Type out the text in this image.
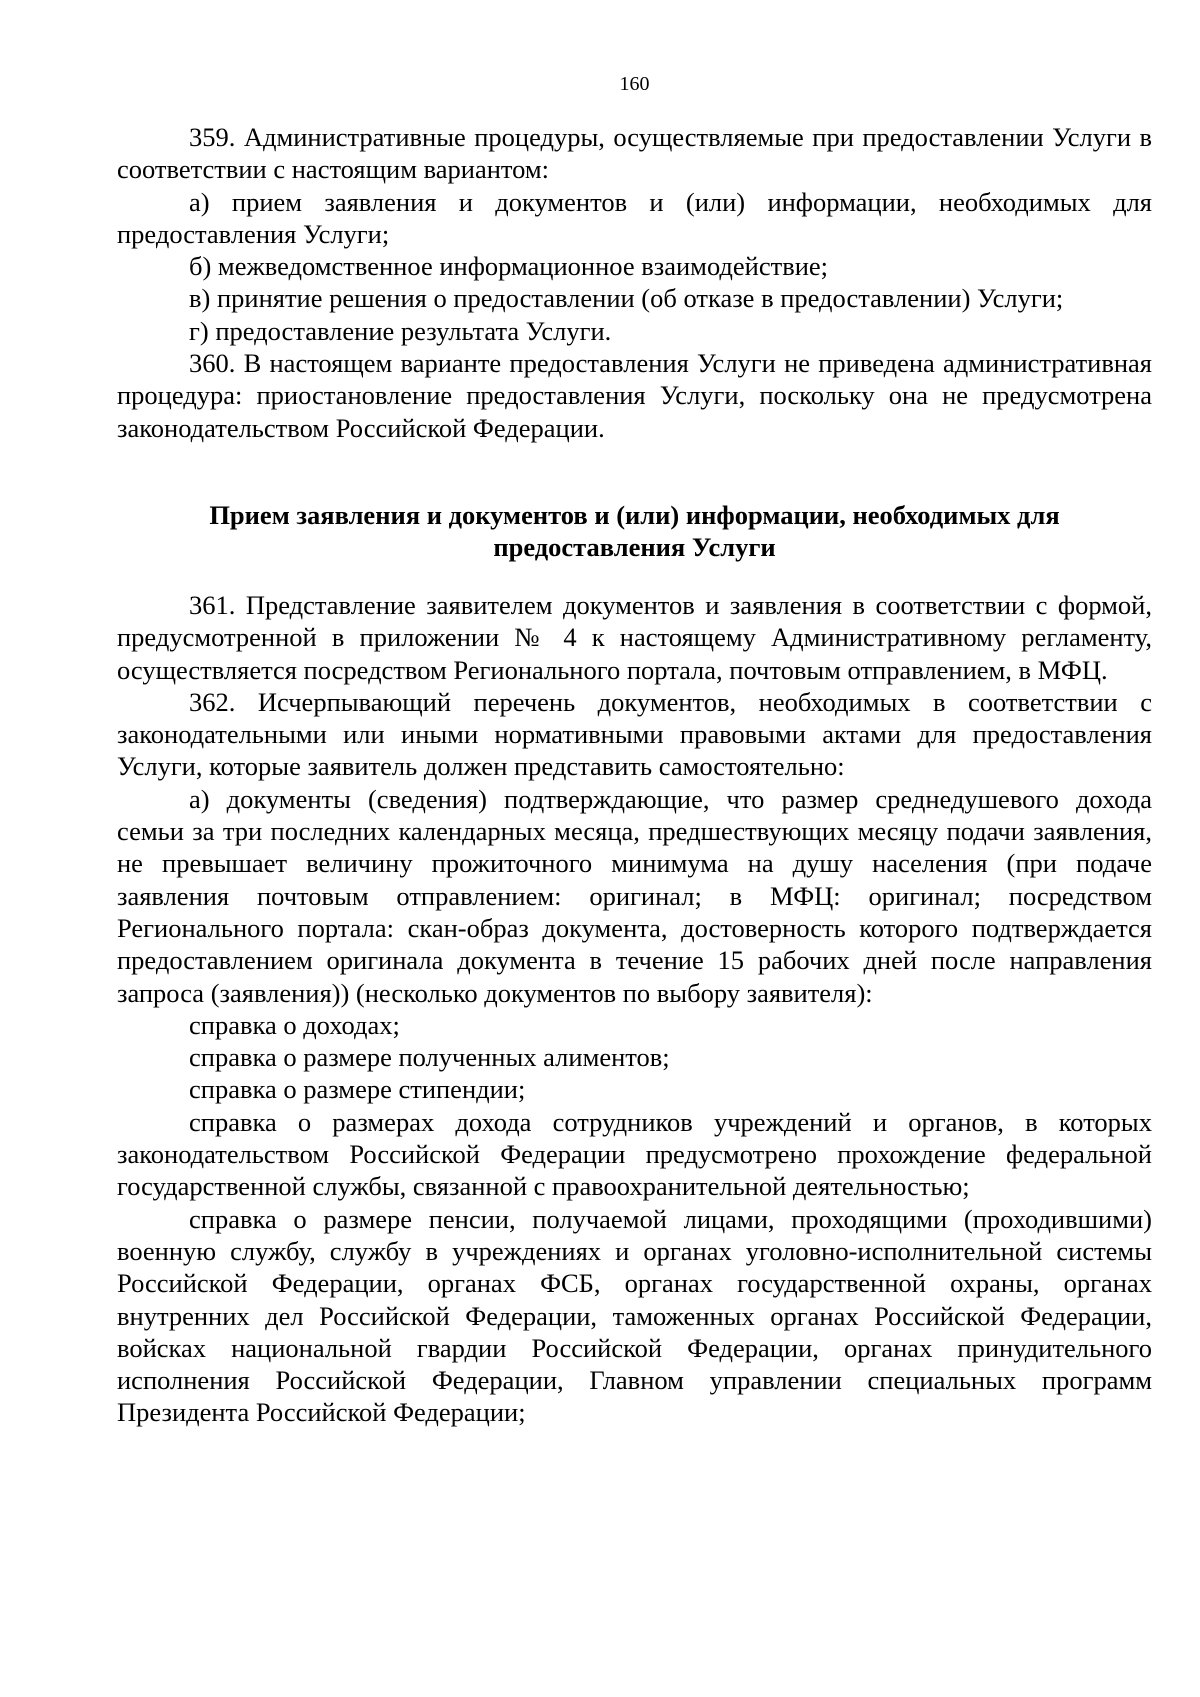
160

359. Административные процедуры, осуществляемые при предоставлении Услуги в соответствии с настоящим вариантом:

а) прием заявления и документов и (или) информации, необходимых для предоставления Услуги;

б) межведомственное информационное взаимодействие;

в) принятие решения о предоставлении (об отказе в предоставлении) Услуги;

г) предоставление результата Услуги.

360. В настоящем варианте предоставления Услуги не приведена административная процедура: приостановление предоставления Услуги, поскольку она не предусмотрена законодательством Российской Федерации.

Прием заявления и документов и (или) информации, необходимых для предоставления Услуги

361. Представление заявителем документов и заявления в соответствии с формой, предусмотренной в приложении № 4 к настоящему Административному регламенту, осуществляется посредством Регионального портала, почтовым отправлением, в МФЦ.

362. Исчерпывающий перечень документов, необходимых в соответствии с законодательными или иными нормативными правовыми актами для предоставления Услуги, которые заявитель должен представить самостоятельно:

а) документы (сведения) подтверждающие, что размер среднедушевого дохода семьи за три последних календарных месяца, предшествующих месяцу подачи заявления, не превышает величину прожиточного минимума на душу населения (при подаче заявления почтовым отправлением: оригинал; в МФЦ: оригинал; посредством Регионального портала: скан-образ документа, достоверность которого подтверждается предоставлением оригинала документа в течение 15 рабочих дней после направления запроса (заявления)) (несколько документов по выбору заявителя):

справка о доходах;

справка о размере полученных алиментов;

справка о размере стипендии;

справка о размерах дохода сотрудников учреждений и органов, в которых законодательством Российской Федерации предусмотрено прохождение федеральной государственной службы, связанной с правоохранительной деятельностью;

справка о размере пенсии, получаемой лицами, проходящими (проходившими) военную службу, службу в учреждениях и органах уголовно-исполнительной системы Российской Федерации, органах ФСБ, органах государственной охраны, органах внутренних дел Российской Федерации, таможенных органах Российской Федерации, войсках национальной гвардии Российской Федерации, органах принудительного исполнения Российской Федерации, Главном управлении специальных программ Президента Российской Федерации;
